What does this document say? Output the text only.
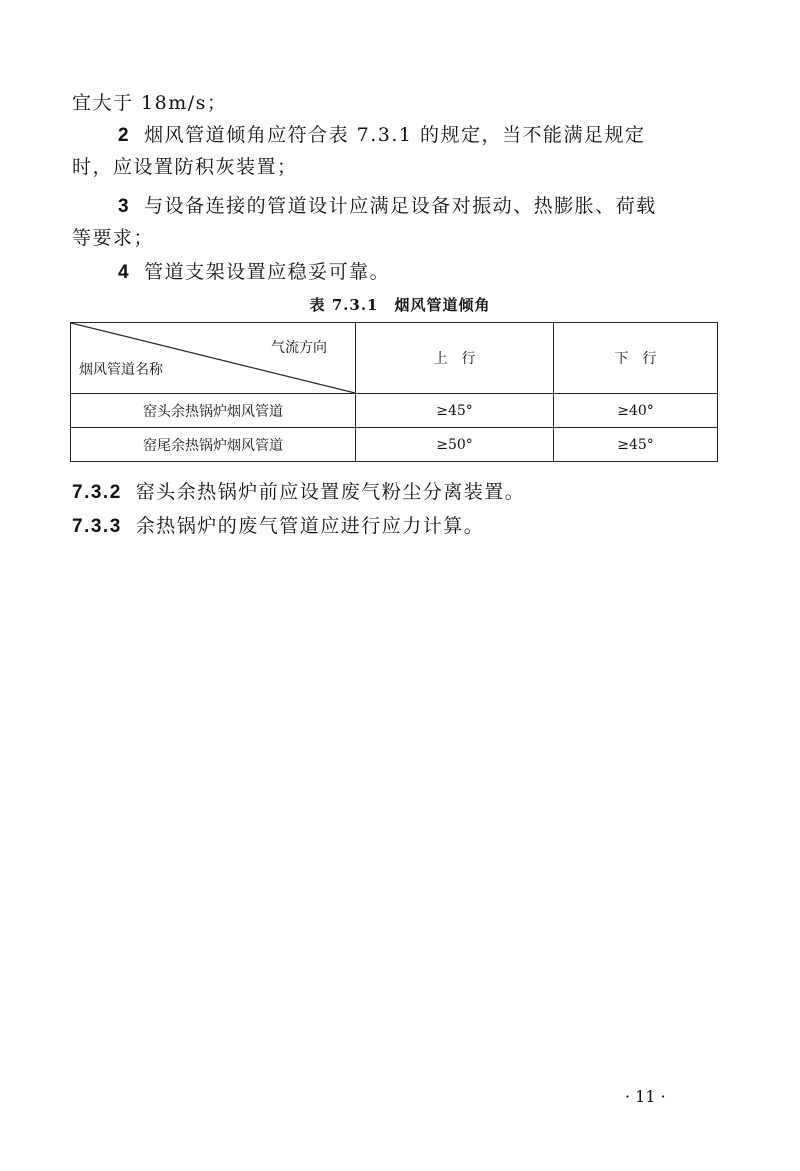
宜大于 18m/s；
2 烟风管道倾角应符合表 7.3.1 的规定，当不能满足规定
时，应设置防积灰装置；
3 与设备连接的管道设计应满足设备对振动、热膨胀、荷载
等要求；
4 管道支架设置应稳妥可靠。
表 7.3.1　烟风管道倾角
气流方向
烟风管道名称	上　行	下　行
窑头余热锅炉烟风管道	≥45°	≥40°
窑尾余热锅炉烟风管道	≥50°	≥45°
7.3.2 窑头余热锅炉前应设置废气粉尘分离装置。
7.3.3 余热锅炉的废气管道应进行应力计算。
· 11 ·
